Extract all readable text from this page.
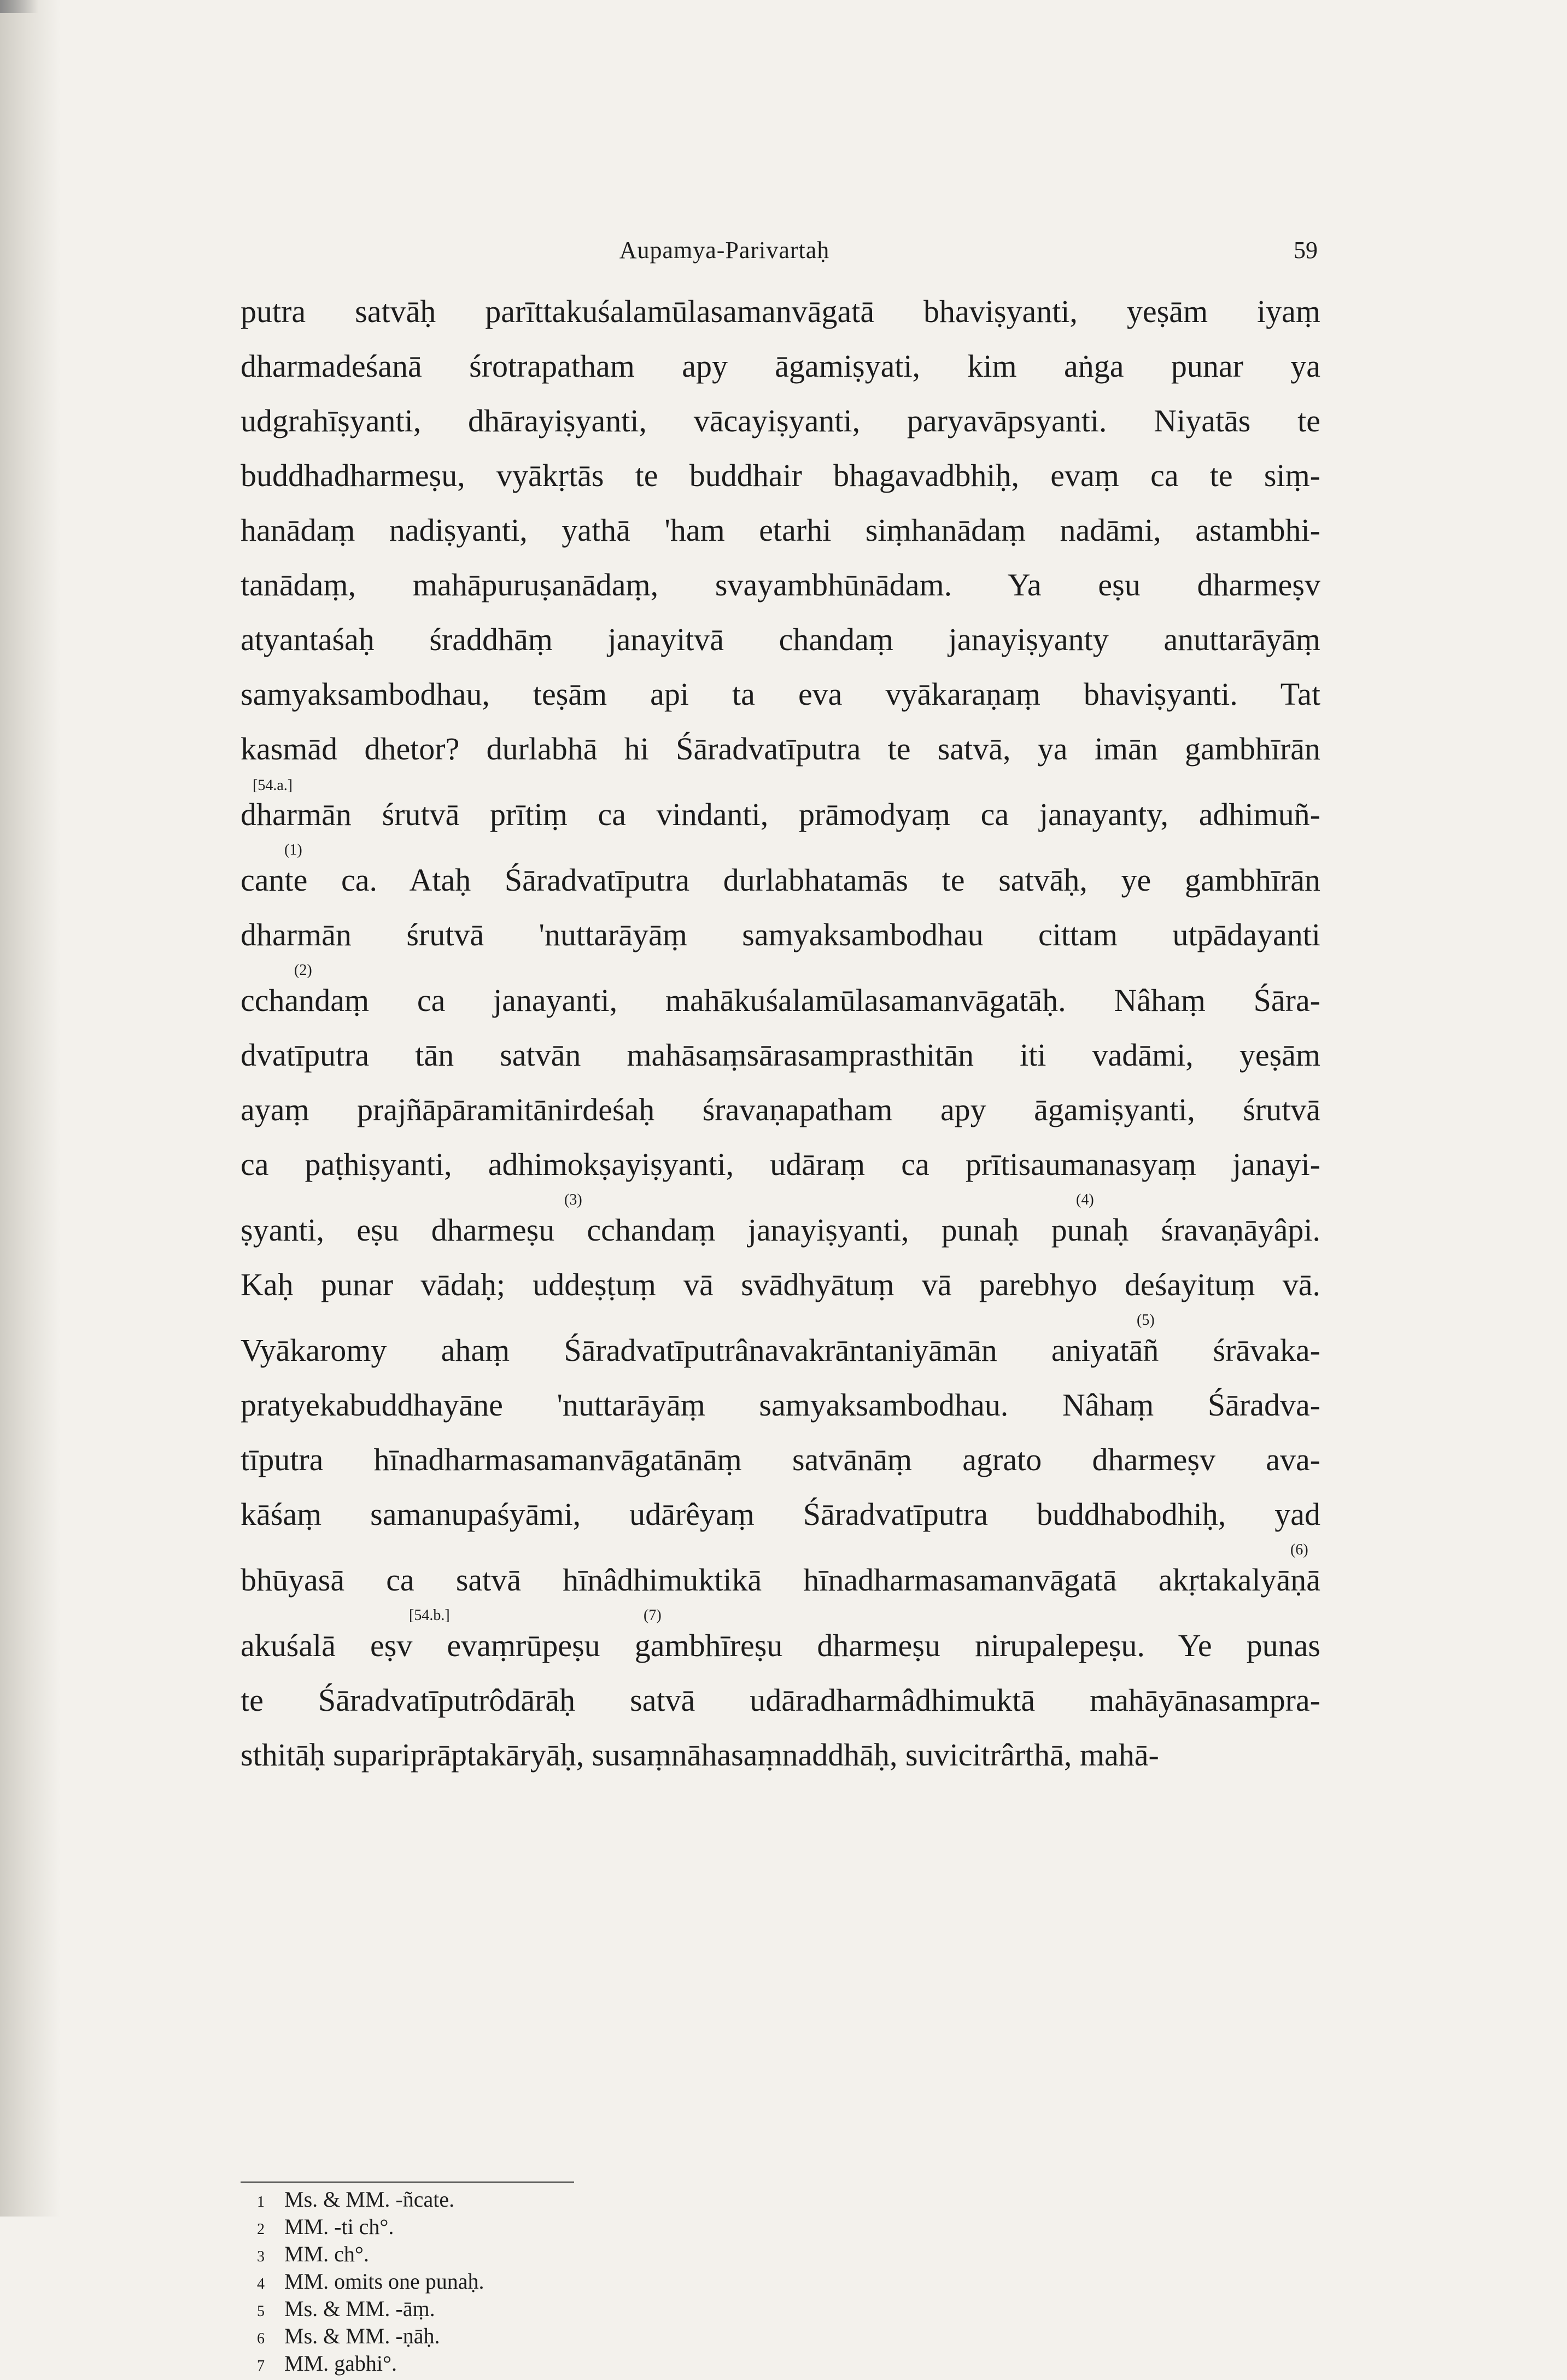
Aupamya-Parivartaḥ	59
putra satvāḥ parīttakuśalamūlasamanvāgatā bhaviṣyanti, yeṣām iyaṃ
dharmadeśanā śrotrapatham apy āgamiṣyati, kim aṅga punar ya
udgrahīṣyanti, dhārayiṣyanti, vācayiṣyanti, paryavāpsyanti. Niyatās te
buddhadharmeṣu, vyākṛtās te buddhair bhagavadbhiḥ, evaṃ ca te siṃ-
hanādaṃ nadiṣyanti, yathā 'ham etarhi siṃhanādaṃ nadāmi, astambhi-
tanādaṃ, mahāpuruṣanādaṃ, svayambhūnādam. Ya eṣu dharmeṣv
atyantaśaḥ śraddhāṃ janayitvā chandaṃ janayiṣyanty anuttarāyāṃ
samyaksambodhau, teṣām api ta eva vyākaraṇaṃ bhaviṣyanti. Tat
kasmād dhetor? durlabhā hi Śāradvatīputra te satvā, ya imān gambhīrān
dharmān śrutvā prītiṃ ca vindanti, prāmodyaṃ ca janayanty, adhimuñ-
cante ca. Ataḥ Śāradvatīputra durlabhatamās te satvāḥ, ye gambhīrān
dharmān śrutvā 'nuttarāyāṃ samyaksambodhau cittam utpādayanti
cchandaṃ ca janayanti, mahākuśalamūlasamanvāgatāḥ. Nâhaṃ Śāra-
dvatīputra tān satvān mahāsaṃsārasamprasthitān iti vadāmi, yeṣām
ayaṃ prajñāpāramitānirdeśaḥ śravaṇapatham apy āgamiṣyanti, śrutvā
ca paṭhiṣyanti, adhimokṣayiṣyanti, udāraṃ ca prītisaumanasyaṃ janayi-
ṣyanti, eṣu dharmeṣu cchandaṃ janayiṣyanti, punaḥ punaḥ śravaṇāyâpi.
Kaḥ punar vādaḥ; uddeṣṭuṃ vā svādhyātuṃ vā parebhyo deśayituṃ vā.
Vyākaromy ahaṃ Śāradvatīputrânavakrāntaniyāmān aniyatāñ śrāvaka-
pratyekabuddhayāne 'nuttarāyāṃ samyaksambodhau. Nâhaṃ Śāradva-
tīputra hīnadharmasamanvāgatānāṃ satvānāṃ agrato dharmeṣv ava-
kāśaṃ samanupaśyāmi, udārêyaṃ Śāradvatīputra buddhabodhiḥ, yad
bhūyasā ca satvā hīnâdhimuktikā hīnadharmasamanvāgatā akṛtakalyāṇā
akuśalā eṣv evaṃrūpeṣu gambhīreṣu dharmeṣu nirupalepeṣu. Ye punas
te Śāradvatīputrôdārāḥ satvā udāradharmâdhimuktā mahāyānasampra-
sthitāḥ supariprāptakāryāḥ, susaṃnāhasaṃnaddhāḥ, suvicitrârthā, mahā-
[54.a.]
(1)
(2)
(3)	(4)
(5)
(6)
[54.b.]	(7)
1 Ms. & MM. -ñcate.
2 MM. -ti ch°.
3 MM. ch°.
4 MM. omits one punaḥ.
5 Ms. & MM. -āṃ.
6 Ms. & MM. -ṇāḥ.
7 MM. gabhi°.
